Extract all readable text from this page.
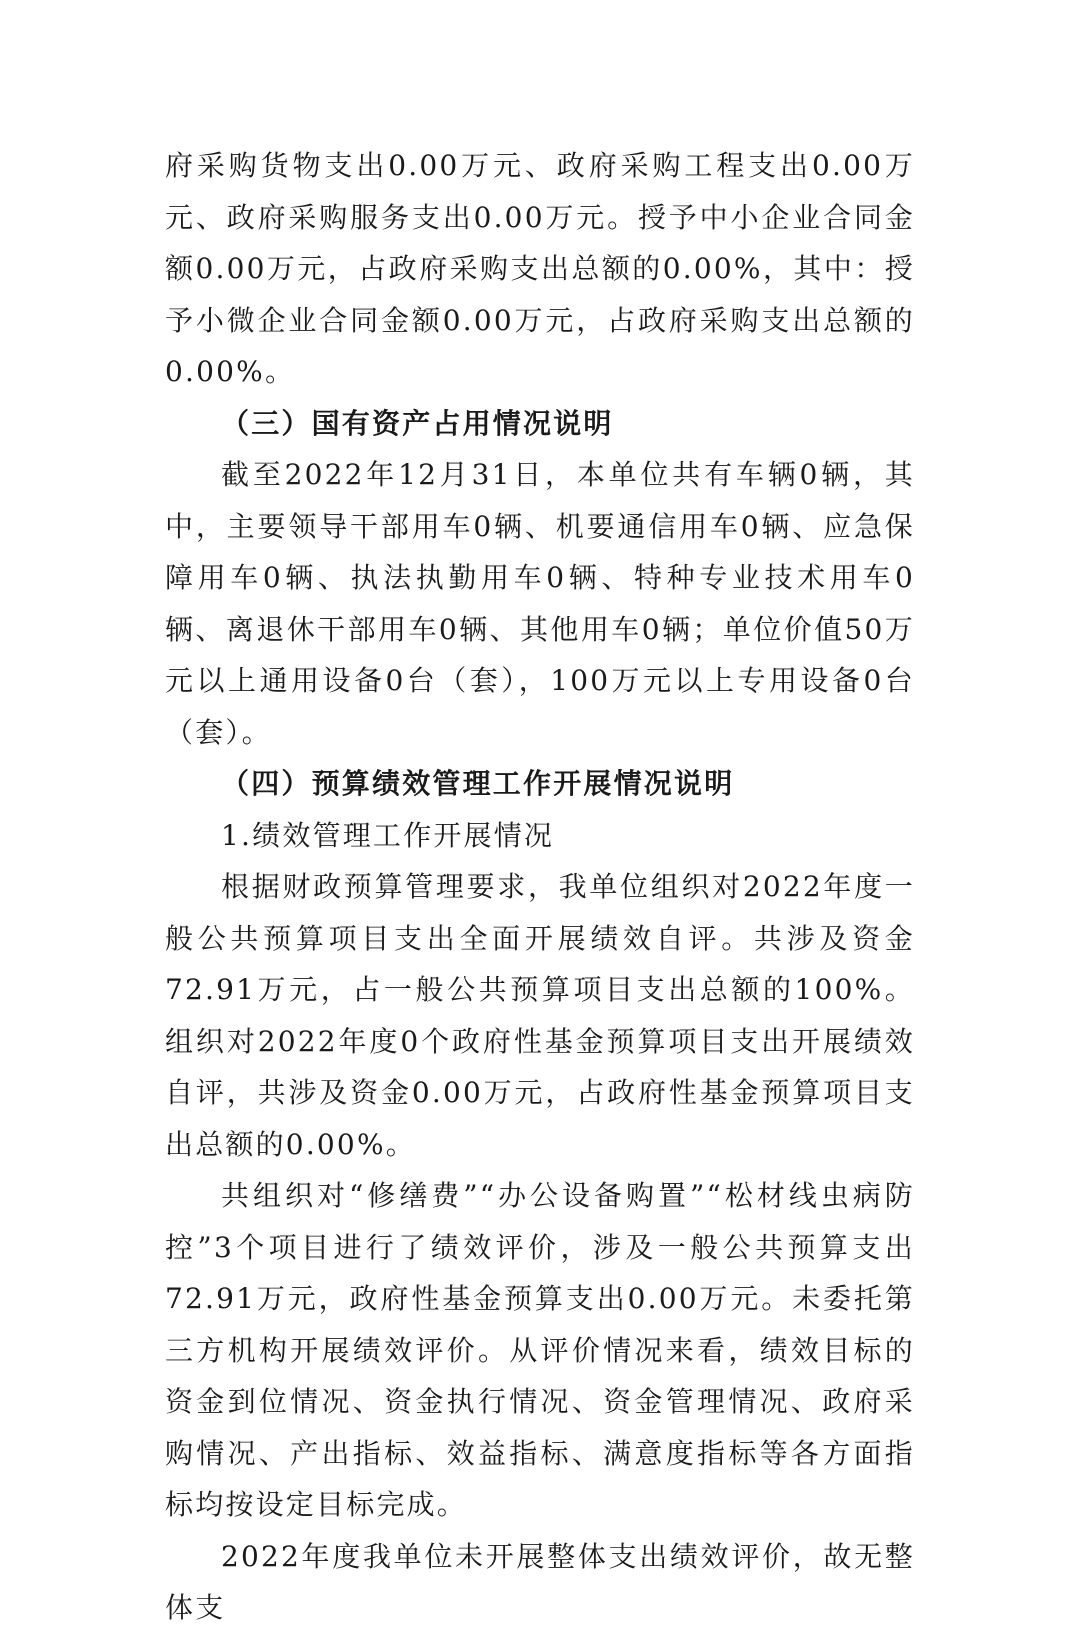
府采购货物支出0.00万元、政府采购工程支出0.00万元、政府采购服务支出0.00万元。授予中小企业合同金额0.00万元，占政府采购支出总额的0.00%，其中：授予小微企业合同金额0.00万元，占政府采购支出总额的0.00%。

（三）国有资产占用情况说明

截至2022年12月31日，本单位共有车辆0辆，其中，主要领导干部用车0辆、机要通信用车0辆、应急保障用车0辆、执法执勤用车0辆、特种专业技术用车0辆、离退休干部用车0辆、其他用车0辆；单位价值50万元以上通用设备0台（套），100万元以上专用设备0台（套）。

（四）预算绩效管理工作开展情况说明

1.绩效管理工作开展情况

根据财政预算管理要求，我单位组织对2022年度一般公共预算项目支出全面开展绩效自评。共涉及资金72.91万元，占一般公共预算项目支出总额的100%。组织对2022年度0个政府性基金预算项目支出开展绩效自评，共涉及资金0.00万元，占政府性基金预算项目支出总额的0.00%。

共组织对“修缮费”“办公设备购置”“松材线虫病防控”3个项目进行了绩效评价，涉及一般公共预算支出72.91万元，政府性基金预算支出0.00万元。未委托第三方机构开展绩效评价。从评价情况来看，绩效目标的资金到位情况、资金执行情况、资金管理情况、政府采购情况、产出指标、效益指标、满意度指标等各方面指标均按设定目标完成。

2022年度我单位未开展整体支出绩效评价，故无整体支
